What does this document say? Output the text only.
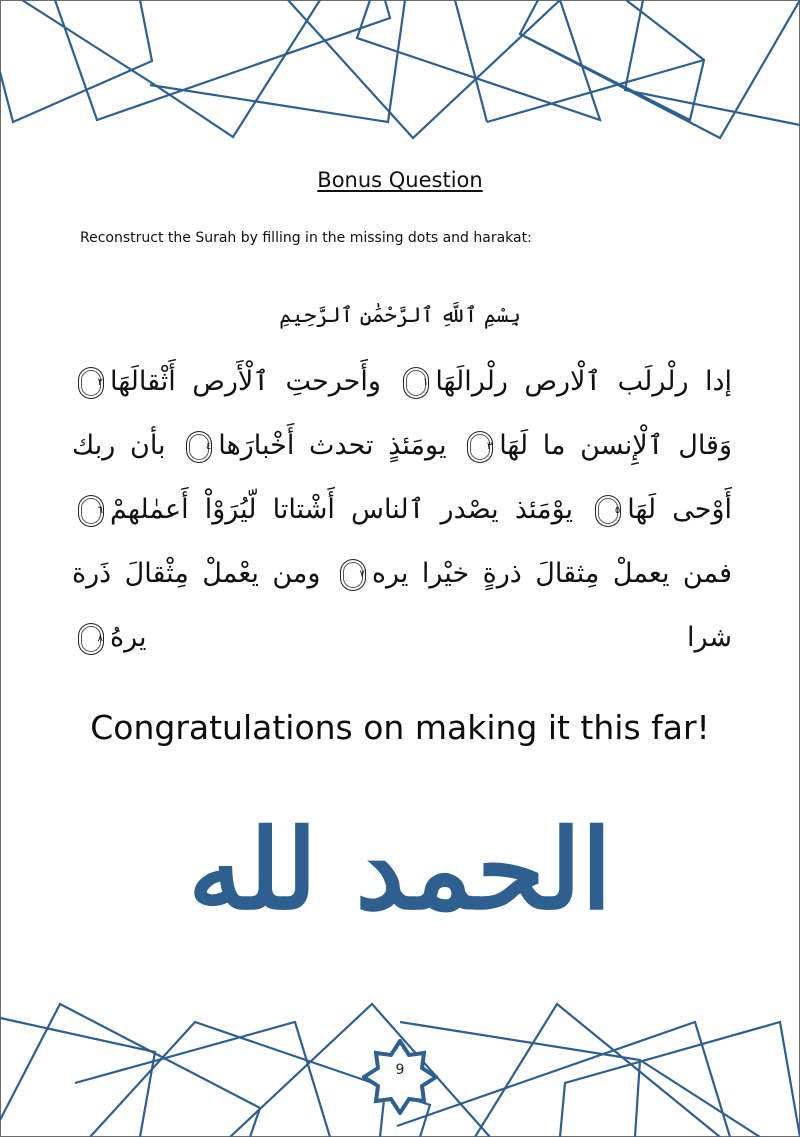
Bonus Question
Reconstruct the Surah by filling in the missing dots and harakat:
بِسْمِ ٱللَّهِ ٱلرَّحْمَٰنِ ٱلرَّحِيمِ
إدا رلْرلَب ٱلْارص رلْرالَهَا١ وأَحرحتِ ٱلْأَرص أَثْقالَهَا٢ وَقال ٱلْإِنسن ما لَهَا٣ يومَئذٍ تحدث أَخْبارَها٤ بأن ربك أَوْحى لَهَا٥ يوْمَئذ يصْدر ٱلناس أَشْتاتا لّيُرَوْاْ أَعمٰلهمْ٦ فمن يعملْ مِثقالَ ذرةٍ خيْرا يره٧ ومن يعْملْ مِثْقالَ ذَرة شرا يرهُ٨
Congratulations on making it this far!
الحمد لله
9
